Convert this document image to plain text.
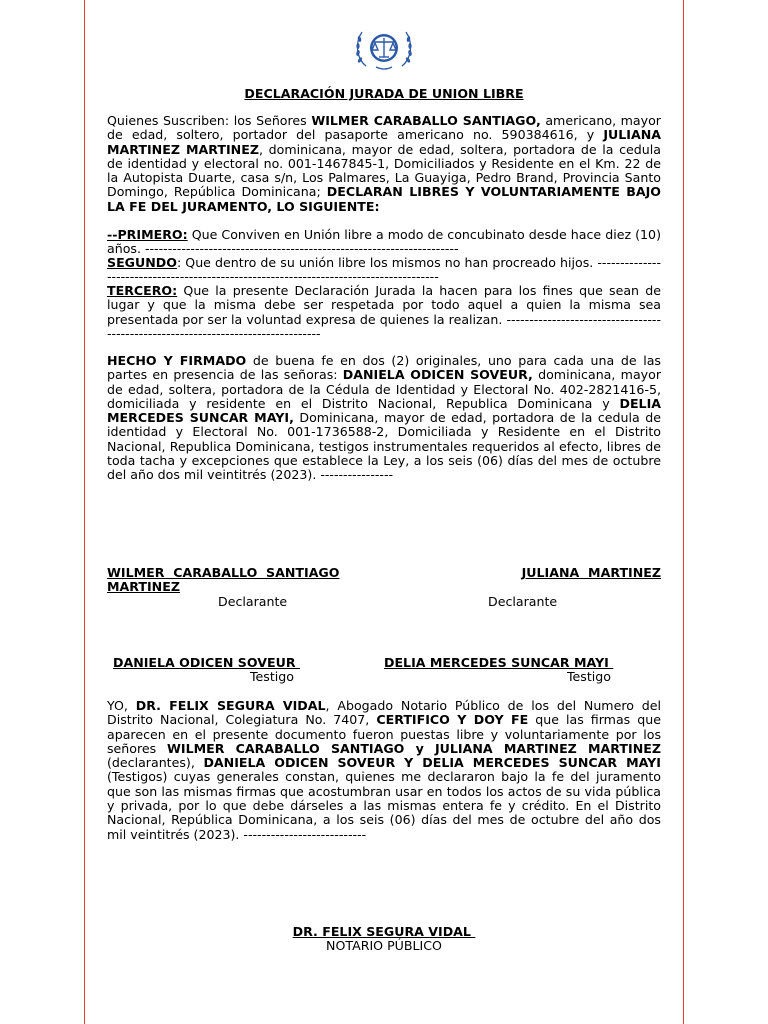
DECLARACIÓN JURADA DE UNION LIBRE

Quienes Suscriben: los Señores WILMER CARABALLO SANTIAGO, americano, mayor de edad, soltero, portador del pasaporte americano no. 590384616, y JULIANA MARTINEZ MARTINEZ, dominicana, mayor de edad, soltera, portadora de la cedula de identidad y electoral no. 001-1467845-1, Domiciliados y Residente en el Km. 22 de la Autopista Duarte, casa s/n, Los Palmares, La Guayiga, Pedro Brand, Provincia Santo Domingo, República Dominicana; DECLARAN LIBRES Y VOLUNTARIAMENTE BAJO LA FE DEL JURAMENTO, LO SIGUIENTE:

--PRIMERO: Que Conviven en Unión libre a modo de concubinato desde hace diez (10) años. ---------------------------------------------------------------------

SEGUNDO: Que dentro de su unión libre los mismos no han procreado hijos. ---------------------------------------------------------------------------------------

TERCERO: Que la presente Declaración Jurada la hacen para los fines que sean de lugar y que la misma debe ser respetada por todo aquel a quien la misma sea presentada por ser la voluntad expresa de quienes la realizan. ---------------------------------------------------------------------------------

HECHO Y FIRMADO de buena fe en dos (2) originales, uno para cada una de las partes en presencia de las señoras: DANIELA ODICEN SOVEUR, dominicana, mayor de edad, soltera, portadora de la Cédula de Identidad y Electoral No. 402-2821416-5, domiciliada y residente en el Distrito Nacional, Republica Dominicana y DELIA MERCEDES SUNCAR MAYI, Dominicana, mayor de edad, portadora de la cedula de identidad y Electoral No. 001-1736588-2, Domiciliada y Residente en el Distrito Nacional, Republica Dominicana, testigos instrumentales requeridos al efecto, libres de toda tacha y excepciones que establece la Ley, a los seis (06) días del mes de octubre del año dos mil veintitrés (2023). ----------------

WILMER  CARABALLO  SANTIAGO	JULIANA  MARTINEZ
MARTINEZ
Declarante	Declarante
DANIELA ODICEN SOVEUR	DELIA MERCEDES SUNCAR MAYI
Testigo	Testigo

YO, DR. FELIX SEGURA VIDAL, Abogado Notario Público de los del Numero del Distrito Nacional, Colegiatura No. 7407, CERTIFICO Y DOY FE que las firmas que aparecen en el presente documento fueron puestas libre y voluntariamente por los señores WILMER CARABALLO SANTIAGO y JULIANA MARTINEZ MARTINEZ (declarantes), DANIELA ODICEN SOVEUR Y DELIA MERCEDES SUNCAR MAYI (Testigos) cuyas generales constan, quienes me declararon bajo la fe del juramento que son las mismas firmas que acostumbran usar en todos los actos de su vida pública y privada, por lo que debe dárseles a las mismas entera fe y crédito. En el Distrito Nacional, República Dominicana, a los seis (06) días del mes de octubre del año dos mil veintitrés (2023). ---------------------------

DR. FELIX SEGURA VIDAL
NOTARIO PÚBLICO
